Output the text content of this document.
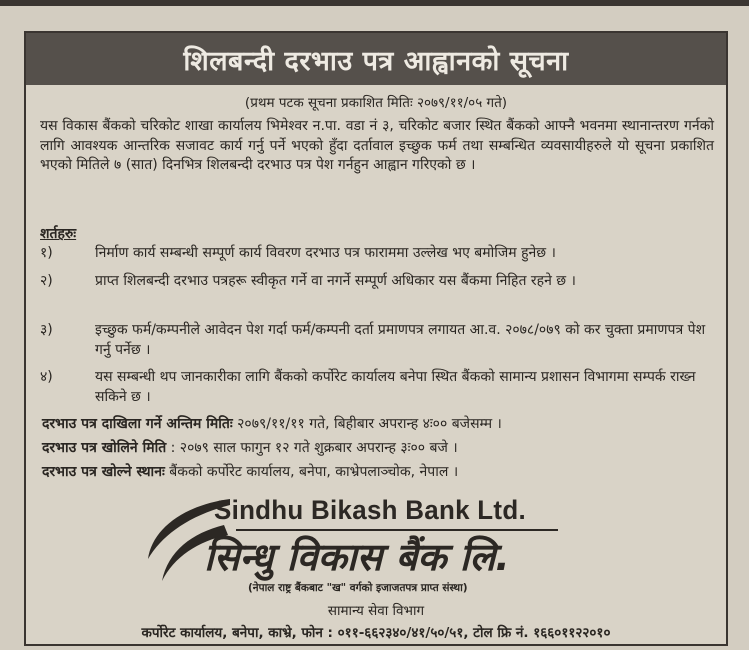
शिलबन्दी दरभाउ पत्र आह्वानको सूचना
(प्रथम पटक सूचना प्रकाशित मितिः २०७९/११/०५ गते)
यस विकास बैंकको चरिकोट शाखा कार्यालय भिमेश्वर न.पा. वडा नं ३, चरिकोट बजार स्थित बैंकको आफ्नै भवनमा स्थानान्तरण गर्नको लागि आवश्यक आन्तरिक सजावट कार्य गर्नु पर्ने भएको हुँदा दर्तावाल इच्छुक फर्म तथा सम्बन्धित व्यवसायीहरुले यो सूचना प्रकाशित भएको मितिले ७ (सात) दिनभित्र शिलबन्दी दरभाउ पत्र पेश गर्नहुन आह्वान गरिएको छ ।
शर्तहरुः
१)	निर्माण कार्य सम्बन्धी सम्पूर्ण कार्य विवरण दरभाउ पत्र फाराममा उल्लेख भए बमोजिम हुनेछ ।
२)	प्राप्त शिलबन्दी दरभाउ पत्रहरू स्वीकृत गर्ने वा नगर्ने सम्पूर्ण अधिकार यस बैंकमा निहित रहने छ ।
३)	इच्छुक फर्म/कम्पनीले आवेदन पेश गर्दा फर्म/कम्पनी दर्ता प्रमाणपत्र लगायत आ.व. २०७८/०७९ को कर चुक्ता प्रमाणपत्र पेश गर्नु पर्नेछ ।
४)	यस सम्बन्धी थप जानकारीका लागि बैंकको कर्पोरेट कार्यालय बनेपा स्थित बैंकको सामान्य प्रशासन विभागमा सम्पर्क राख्न सकिने छ ।
दरभाउ पत्र दाखिला गर्ने अन्तिम मितिः २०७९/११/११ गते, बिहीबार अपरान्ह ४ः०० बजेसम्म ।
दरभाउ पत्र खोलिने मिति : २०७९ साल फागुन १२ गते शुक्रबार अपरान्ह ३ः०० बजे ।
दरभाउ पत्र खोल्ने स्थानः बैंकको कर्पोरेट कार्यालय, बनेपा, काभ्रेपलाञ्चोक, नेपाल ।
Sindhu Bikash Bank Ltd.
सिन्धु विकास बैंक लि.
(नेपाल राष्ट्र बैंकबाट "ख" वर्गको इजाजतपत्र प्राप्त संस्था)
सामान्य सेवा विभाग
कर्पोरेट कार्यालय, बनेपा, काभ्रे, फोन : ०११-६६२३४०/४१/५०/५१, टोल फ्रि नं. १६६०११२२०१०
